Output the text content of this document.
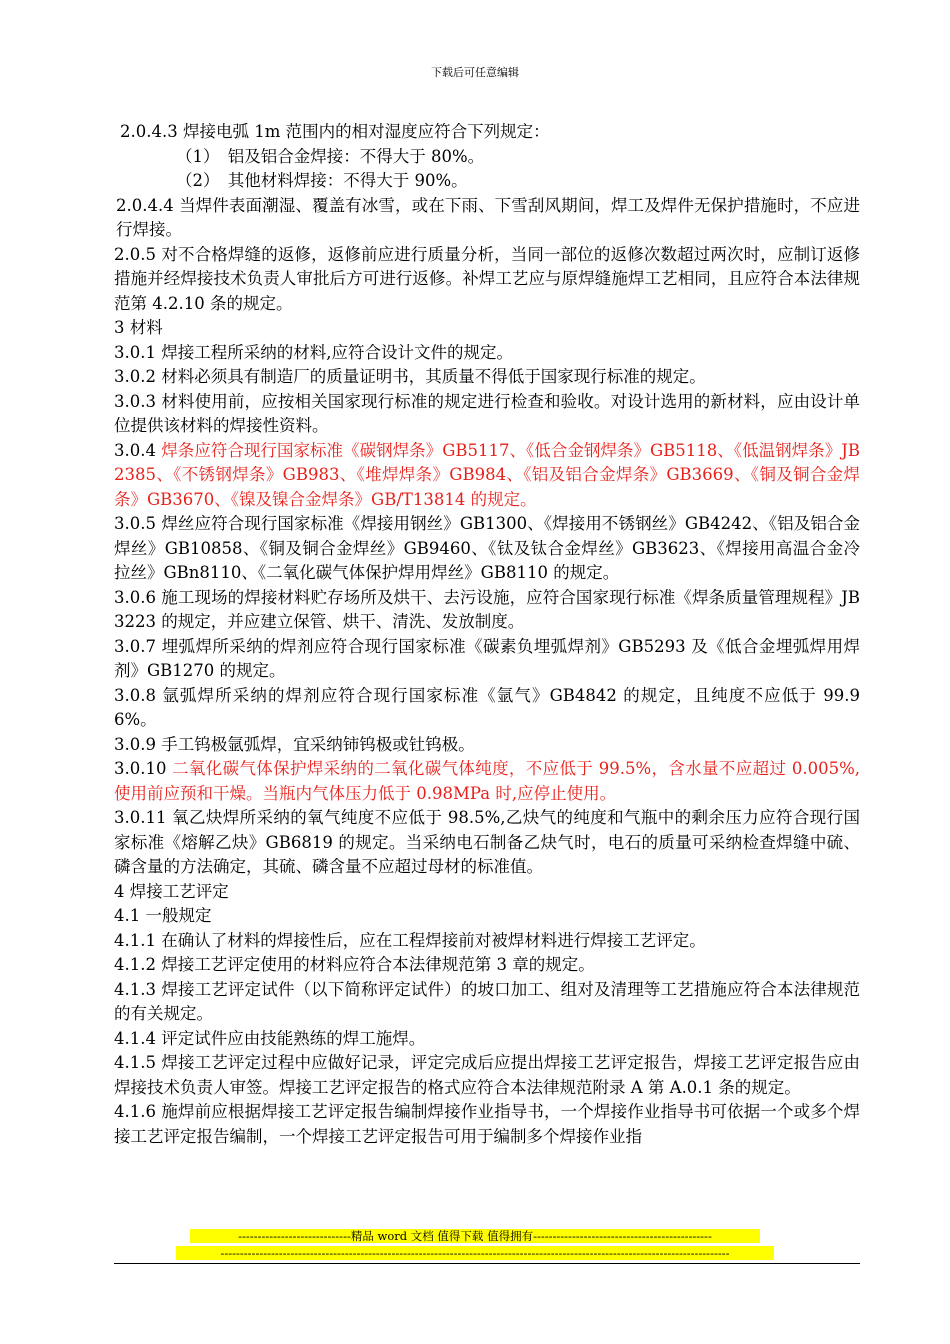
下载后可任意编辑

2.0.4.3 焊接电弧 1m 范围内的相对湿度应符合下列规定：

（1）　铝及铝合金焊接：不得大于 80%。

（2）　其他材料焊接：不得大于 90%。

2.0.4.4 当焊件表面潮湿、覆盖有冰雪，或在下雨、下雪刮风期间，焊工及焊件无保护措施时，不应进行焊接。

2.0.5 对不合格焊缝的返修，返修前应进行质量分析，当同一部位的返修次数超过两次时，应制订返修措施并经焊接技术负责人审批后方可进行返修。补焊工艺应与原焊缝施焊工艺相同，且应符合本法律规范第 4.2.10 条的规定。

3 材料

3.0.1 焊接工程所采纳的材料,应符合设计文件的规定。

3.0.2 材料必须具有制造厂的质量证明书，其质量不得低于国家现行标准的规定。

3.0.3 材料使用前，应按相关国家现行标准的规定进行检查和验收。对设计选用的新材料，应由设计单位提供该材料的焊接性资料。

3.0.4 焊条应符合现行国家标准《碳钢焊条》GB5117、《低合金钢焊条》GB5118、《低温钢焊条》JB2385、《不锈钢焊条》GB983、《堆焊焊条》GB984、《铝及铝合金焊条》GB3669、《铜及铜合金焊条》GB3670、《镍及镍合金焊条》GB/T13814 的规定。

3.0.5 焊丝应符合现行国家标准《焊接用钢丝》GB1300、《焊接用不锈钢丝》GB4242、《铝及铝合金焊丝》GB10858、《铜及铜合金焊丝》GB9460、《钛及钛合金焊丝》GB3623、《焊接用高温合金冷拉丝》GBn8110、《二氧化碳气体保护焊用焊丝》GB8110 的规定。

3.0.6 施工现场的焊接材料贮存场所及烘干、去污设施，应符合国家现行标准《焊条质量管理规程》JB3223 的规定，并应建立保管、烘干、清洗、发放制度。

3.0.7 埋弧焊所采纳的焊剂应符合现行国家标准《碳素负埋弧焊剂》GB5293 及《低合金埋弧焊用焊剂》GB1270 的规定。

3.0.8 氩弧焊所采纳的焊剂应符合现行国家标准《氩气》GB4842 的规定，且纯度不应低于 99.96%。

3.0.9 手工钨极氩弧焊，宜采纳铈钨极或钍钨极。

3.0.10 二氧化碳气体保护焊采纳的二氧化碳气体纯度，不应低于 99.5%，含水量不应超过 0.005%,使用前应预和干燥。当瓶内气体压力低于 0.98MPa 时,应停止使用。

3.0.11 氧乙炔焊所采纳的氧气纯度不应低于 98.5%,乙炔气的纯度和气瓶中的剩余压力应符合现行国家标准《熔解乙炔》GB6819 的规定。当采纳电石制备乙炔气时，电石的质量可采纳检查焊缝中硫、磷含量的方法确定，其硫、磷含量不应超过母材的标准值。

4 焊接工艺评定

4.1 一般规定

4.1.1 在确认了材料的焊接性后，应在工程焊接前对被焊材料进行焊接工艺评定。

4.1.2 焊接工艺评定使用的材料应符合本法律规范第 3 章的规定。

4.1.3 焊接工艺评定试件（以下简称评定试件）的坡口加工、组对及清理等工艺措施应符合本法律规范的有关规定。

4.1.4 评定试件应由技能熟练的焊工施焊。

4.1.5 焊接工艺评定过程中应做好记录，评定完成后应提出焊接工艺评定报告，焊接工艺评定报告应由焊接技术负责人审签。焊接工艺评定报告的格式应符合本法律规范附录 A 第 A.0.1 条的规定。

4.1.6 施焊前应根据焊接工艺评定报告编制焊接作业指导书，一个焊接作业指导书可依据一个或多个焊接工艺评定报告编制，一个焊接工艺评定报告可用于编制多个焊接作业指

-----------------------------精品 word 文档 值得下载 值得拥有----------------------------------------------
-----------------------------------------------------------------------------------------------------------------------------------
